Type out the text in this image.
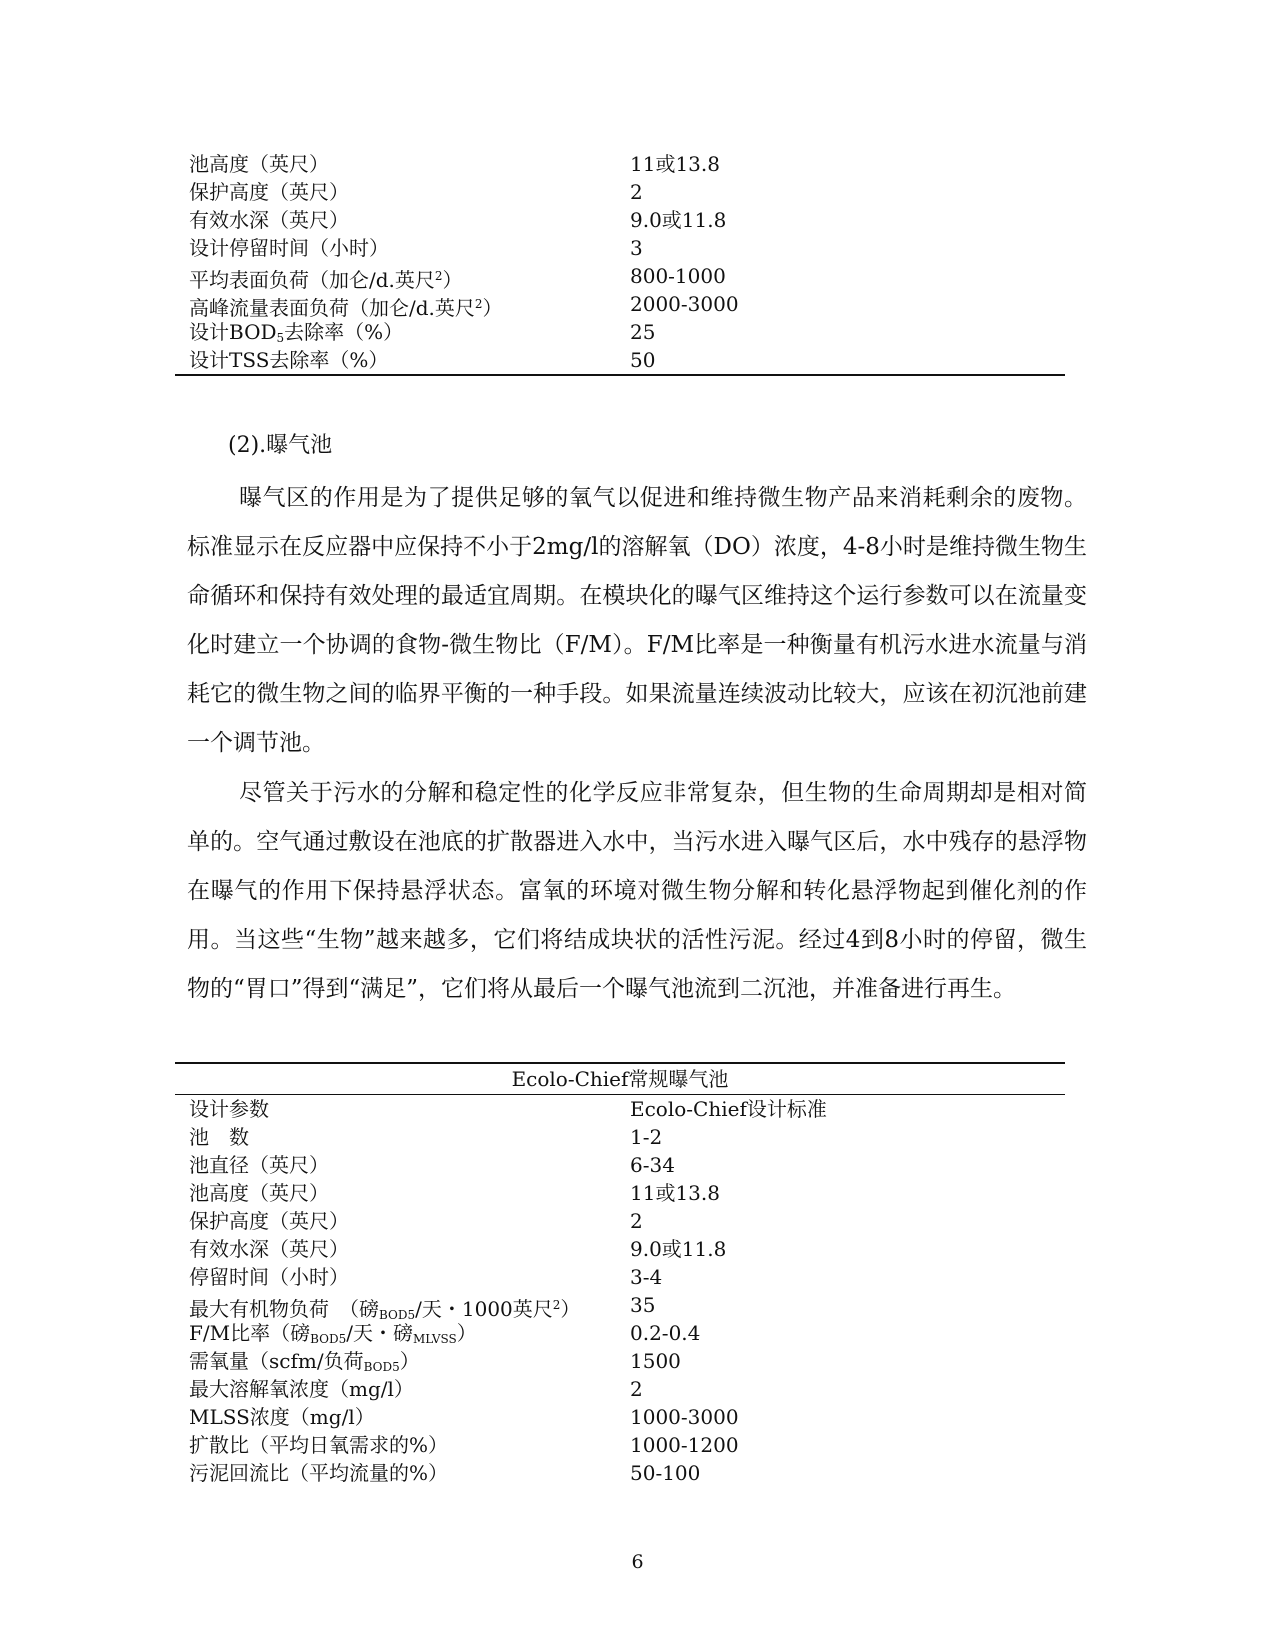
池高度（英尺）	11或13.8
保护高度（英尺）	2
有效水深（英尺）	9.0或11.8
设计停留时间（小时）	3
平均表面负荷（加仑/d.英尺$^2$）	800-1000
高峰流量表面负荷（加仑/d.英尺$^2$）	2000-3000
设计$BOD_5$去除率（%）	25
设计TSS去除率（%）	50
(2).曝气池

曝气区的作用是为了提供足够的氧气以促进和维持微生物产品来消耗剩余的废物。标准显示在反应器中应保持不小于2mg/l的溶解氧（DO）浓度，4-8小时是维持微生物生命循环和保持有效处理的最适宜周期。在模块化的曝气区维持这个运行参数可以在流量变化时建立一个协调的食物-微生物比（F/M）。F/M比率是一种衡量有机污水进水流量与消耗它的微生物之间的临界平衡的一种手段。如果流量连续波动比较大，应该在初沉池前建一个调节池。

尽管关于污水的分解和稳定性的化学反应非常复杂，但生物的生命周期却是相对简单的。空气通过敷设在池底的扩散器进入水中，当污水进入曝气区后，水中残存的悬浮物在曝气的作用下保持悬浮状态。富氧的环境对微生物分解和转化悬浮物起到催化剂的作用。当这些“生物”越来越多，它们将结成块状的活性污泥。经过4到8小时的停留，微生物的“胃口”得到“满足”，它们将从最后一个曝气池流到二沉池，并准备进行再生。

Ecolo-Chief常规曝气池
设计参数	Ecolo-Chief设计标准
池　数	1-2
池直径（英尺）	6-34
池高度（英尺）	11或13.8
保护高度（英尺）	2
有效水深（英尺）	9.0或11.8
停留时间（小时）	3-4
最大有机物负荷　（磅$_{BOD5}$/天・1000英尺$^2$） 35
F/M比率（磅$_{BOD5}$/天・磅$_{MLVSS}$）	0.2-0.4
需氧量（scfm/负荷$_{BOD5}$）	1500
最大溶解氧浓度（mg/l）	2
MLSS浓度（mg/l）	1000-3000
扩散比（平均日氧需求的%）	1000-1200
污泥回流比（平均流量的%）	50-100
6
